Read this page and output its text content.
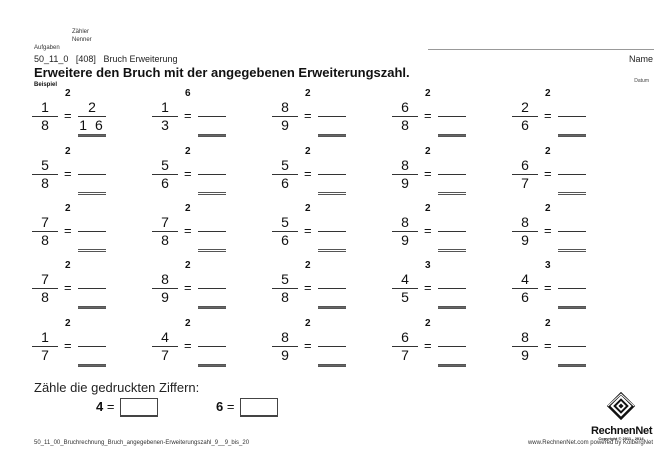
Zähler
Nenner
Aufgaben
50_11_0 [408] Bruch Erweiterung
Erweitere den Bruch mit der angegebenen Erweiterungszahl.
Beispiel
Name
Datum
2
1
8
=
2
1 6
6
1
3
=
2
8
9
=
2
6
8
=
2
2
6
=
2
5
8
=
2
5
6
=
2
5
6
=
2
8
9
=
2
6
7
=
2
7
8
=
2
7
8
=
2
5
6
=
2
8
9
=
2
8
9
=
2
7
8
=
2
8
9
=
2
5
8
=
3
4
5
=
3
4
6
=
2
1
7
=
2
4
7
=
2
8
9
=
2
6
7
=
2
8
9
=
Zähle die gedruckten Ziffern:
4 =	6 =
RechnenNet
Copyright © 2011 - 2014
50_11_00_Bruchrechnung_Bruch_angegebenen-Erweiterungszahl_9__9_bis_20	www.RechnenNet.com powered by KolbergNet
